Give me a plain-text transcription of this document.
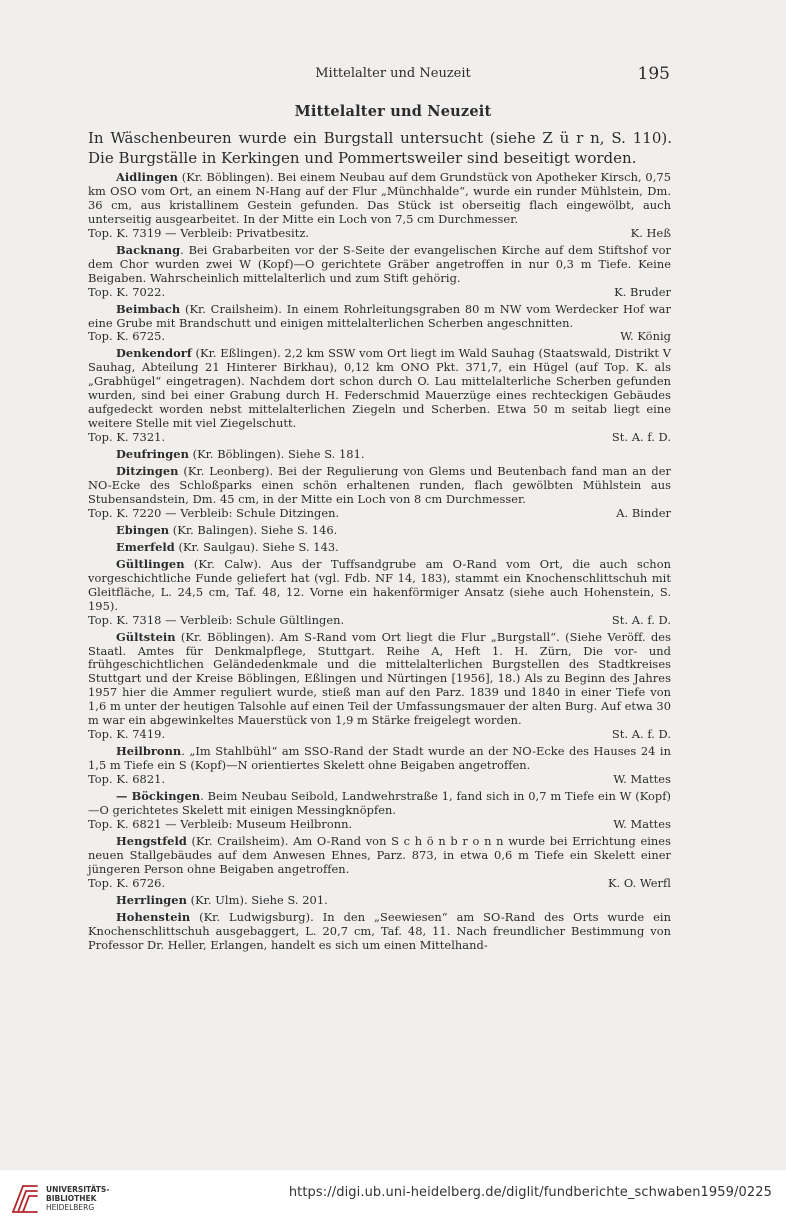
Mittelalter und Neuzeit	195
Mittelalter und Neuzeit
In Wäschenbeuren wurde ein Burgstall untersucht (siehe Z ü r n, S. 110). Die Burgställe in Kerkingen und Pommertsweiler sind beseitigt worden.
Aidlingen (Kr. Böblingen). Bei einem Neubau auf dem Grundstück von Apotheker Kirsch, 0,75 km OSO vom Ort, an einem N-Hang auf der Flur „Münchhalde“, wurde ein runder Mühlstein, Dm. 36 cm, aus kristallinem Gestein gefunden. Das Stück ist oberseitig flach eingewölbt, auch unterseitig ausgearbeitet. In der Mitte ein Loch von 7,5 cm Durchmesser.
Top. K. 7319 — Verbleib: Privatbesitz.	K. Heß
Backnang. Bei Grabarbeiten vor der S-Seite der evangelischen Kirche auf dem Stiftshof vor dem Chor wurden zwei W (Kopf)—O gerichtete Gräber angetroffen in nur 0,3 m Tiefe. Keine Beigaben. Wahrscheinlich mittelalterlich und zum Stift gehörig.
Top. K. 7022.	K. Bruder
Beimbach (Kr. Crailsheim). In einem Rohrleitungsgraben 80 m NW vom Werdecker Hof war eine Grube mit Brandschutt und einigen mittelalterlichen Scherben angeschnitten.
Top. K. 6725.	W. König
Denkendorf (Kr. Eßlingen). 2,2 km SSW vom Ort liegt im Wald Sauhag (Staatswald, Distrikt V Sauhag, Abteilung 21 Hinterer Birkhau), 0,12 km ONO Pkt. 371,7, ein Hügel (auf Top. K. als „Grabhügel“ eingetragen). Nachdem dort schon durch O. Lau mittelalterliche Scherben gefunden wurden, sind bei einer Grabung durch H. Federschmid Mauerzüge eines rechteckigen Gebäudes aufgedeckt worden nebst mittelalterlichen Ziegeln und Scherben. Etwa 50 m seitab liegt eine weitere Stelle mit viel Ziegelschutt.
Top. K. 7321.	St. A. f. D.
Deufringen (Kr. Böblingen). Siehe S. 181.
Ditzingen (Kr. Leonberg). Bei der Regulierung von Glems und Beutenbach fand man an der NO-Ecke des Schloßparks einen schön erhaltenen runden, flach gewölbten Mühlstein aus Stubensandstein, Dm. 45 cm, in der Mitte ein Loch von 8 cm Durchmesser.
Top. K. 7220 — Verbleib: Schule Ditzingen.	A. Binder
Ebingen (Kr. Balingen). Siehe S. 146.
Emerfeld (Kr. Saulgau). Siehe S. 143.
Gültlingen (Kr. Calw). Aus der Tuffsandgrube am O-Rand vom Ort, die auch schon vorgeschichtliche Funde geliefert hat (vgl. Fdb. NF 14, 183), stammt ein Knochenschlittschuh mit Gleitfläche, L. 24,5 cm, Taf. 48, 12. Vorne ein hakenförmiger Ansatz (siehe auch Hohenstein, S. 195).
Top. K. 7318 — Verbleib: Schule Gültlingen.	St. A. f. D.
Gültstein (Kr. Böblingen). Am S-Rand vom Ort liegt die Flur „Burgstall“. (Siehe Veröff. des Staatl. Amtes für Denkmalpflege, Stuttgart. Reihe A, Heft 1. H. Zürn, Die vor- und frühgeschichtlichen Geländedenkmale und die mittelalterlichen Burgstellen des Stadtkreises Stuttgart und der Kreise Böblingen, Eßlingen und Nürtingen [1956], 18.) Als zu Beginn des Jahres 1957 hier die Ammer reguliert wurde, stieß man auf den Parz. 1839 und 1840 in einer Tiefe von 1,6 m unter der heutigen Talsohle auf einen Teil der Umfassungsmauer der alten Burg. Auf etwa 30 m war ein abgewinkeltes Mauerstück von 1,9 m Stärke freigelegt worden.
Top. K. 7419.	St. A. f. D.
Heilbronn. „Im Stahlbühl“ am SSO-Rand der Stadt wurde an der NO-Ecke des Hauses 24 in 1,5 m Tiefe ein S (Kopf)—N orientiertes Skelett ohne Beigaben angetroffen.
Top. K. 6821.	W. Mattes
— Böckingen. Beim Neubau Seibold, Landwehrstraße 1, fand sich in 0,7 m Tiefe ein W (Kopf)—O gerichtetes Skelett mit einigen Messingknöpfen.
Top. K. 6821 — Verbleib: Museum Heilbronn.	W. Mattes
Hengstfeld (Kr. Crailsheim). Am O-Rand von S c h ö n b r o n n wurde bei Errichtung eines neuen Stallgebäudes auf dem Anwesen Ehnes, Parz. 873, in etwa 0,6 m Tiefe ein Skelett einer jüngeren Person ohne Beigaben angetroffen.
Top. K. 6726.	K. O. Werfl
Herrlingen (Kr. Ulm). Siehe S. 201.
Hohenstein (Kr. Ludwigsburg). In den „Seewiesen“ am SO-Rand des Orts wurde ein Knochenschlittschuh ausgebaggert, L. 20,7 cm, Taf. 48, 11. Nach freundlicher Bestimmung von Professor Dr. Heller, Erlangen, handelt es sich um einen Mittelhand-
UNIVERSITÄTS-
BIBLIOTHEK
HEIDELBERG
https://digi.ub.uni-heidelberg.de/diglit/fundberichte_schwaben1959/0225
